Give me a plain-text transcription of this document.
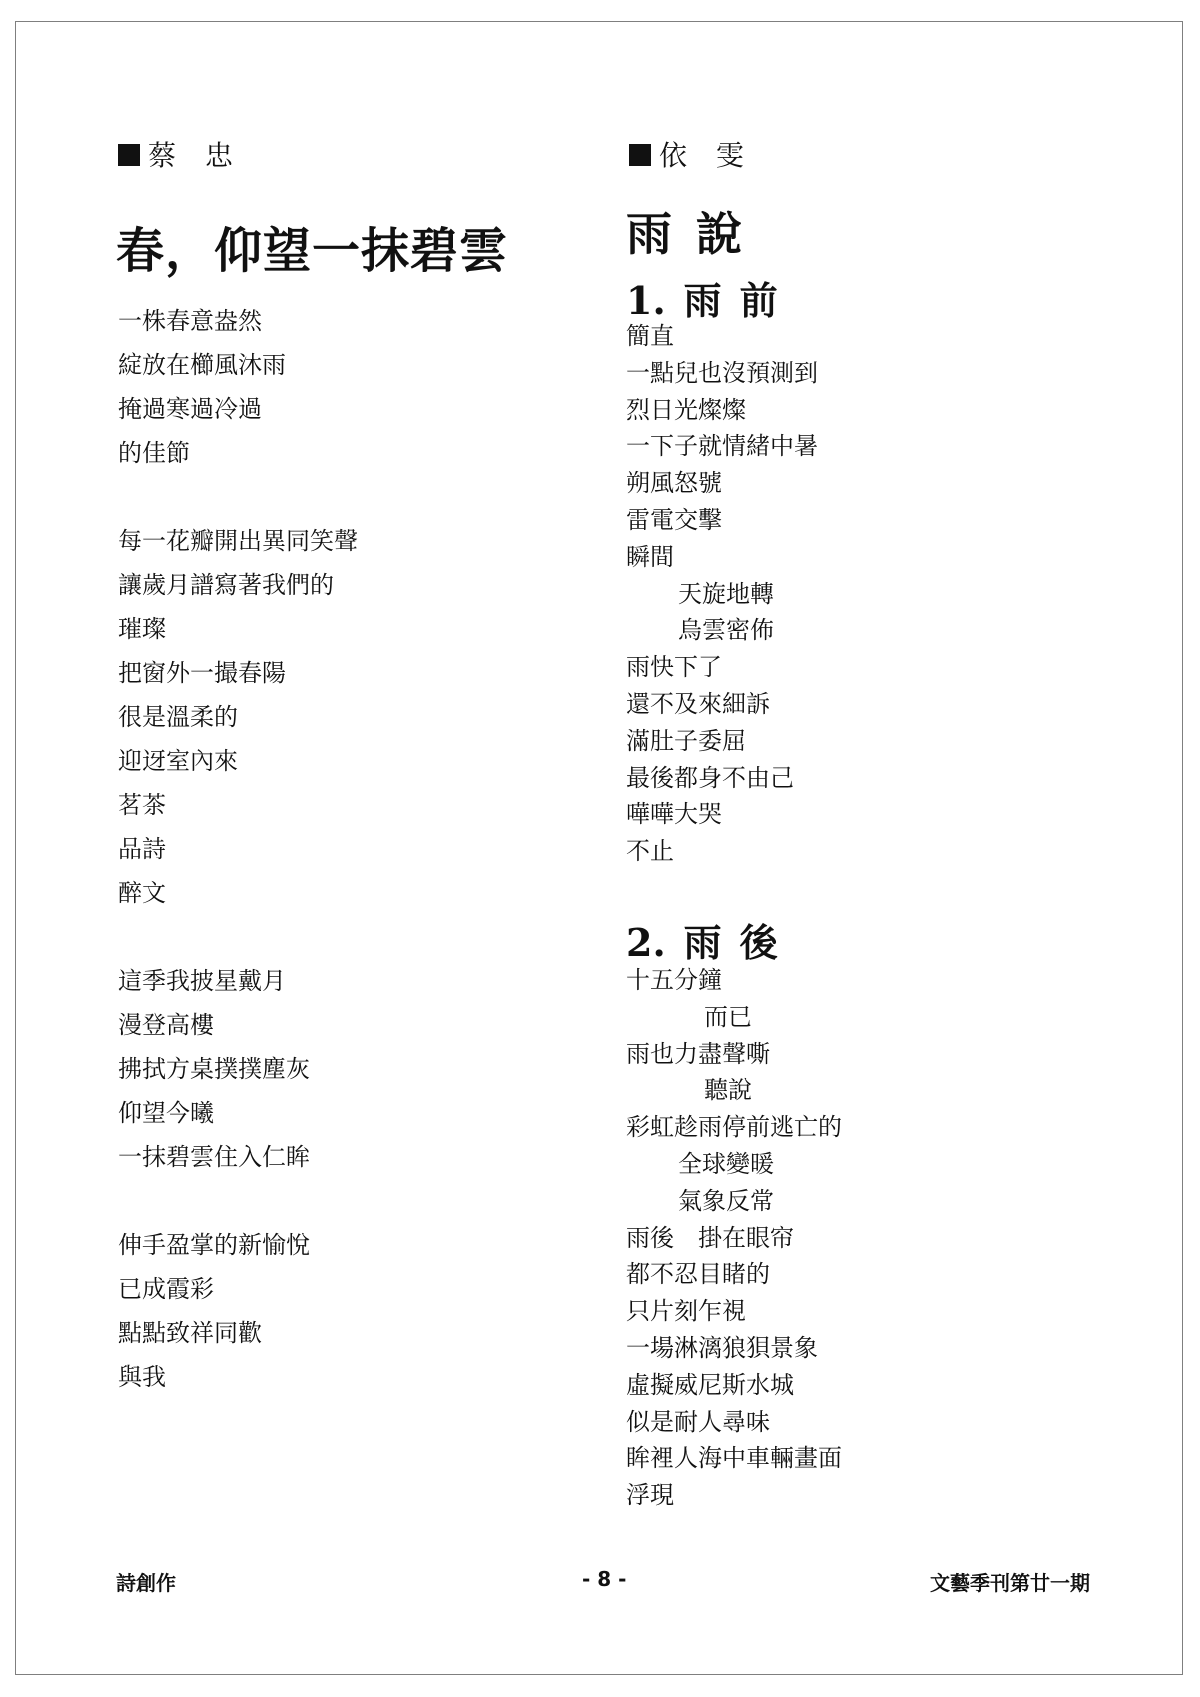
蔡 忠
春，仰望一抹碧雲
一株春意盎然
綻放在櫛風沐雨
掩過寒過冷過
的佳節
每一花瓣開出異同笑聲
讓歲月譜寫著我們的
璀璨
把窗外一撮春陽
很是溫柔的
迎迓室內來
茗茶
品詩
醉文
這季我披星戴月
漫登高樓
拂拭方桌撲撲塵灰
仰望今曦
一抹碧雲住入仁眸
伸手盈掌的新愉悅
已成霞彩
點點致祥同歡
與我
依 雯
雨說
1. 雨前
簡直
一點兒也沒預測到
烈日光燦燦
一下子就情緒中暑
朔風怒號
雷電交擊
瞬間
天旋地轉
烏雲密佈
雨快下了
還不及來細訴
滿肚子委屈
最後都身不由己
嘩嘩大哭
不止
2. 雨後
十五分鐘
而已
雨也力盡聲嘶
聽說
彩虹趁雨停前逃亡的
全球變暖
氣象反常
雨後　掛在眼帘
都不忍目睹的
只片刻乍視
一場淋漓狼狽景象
虛擬威尼斯水城
似是耐人尋味
眸裡人海中車輛畫面
浮現
詩創作	- 8 -	文藝季刊第廿一期
